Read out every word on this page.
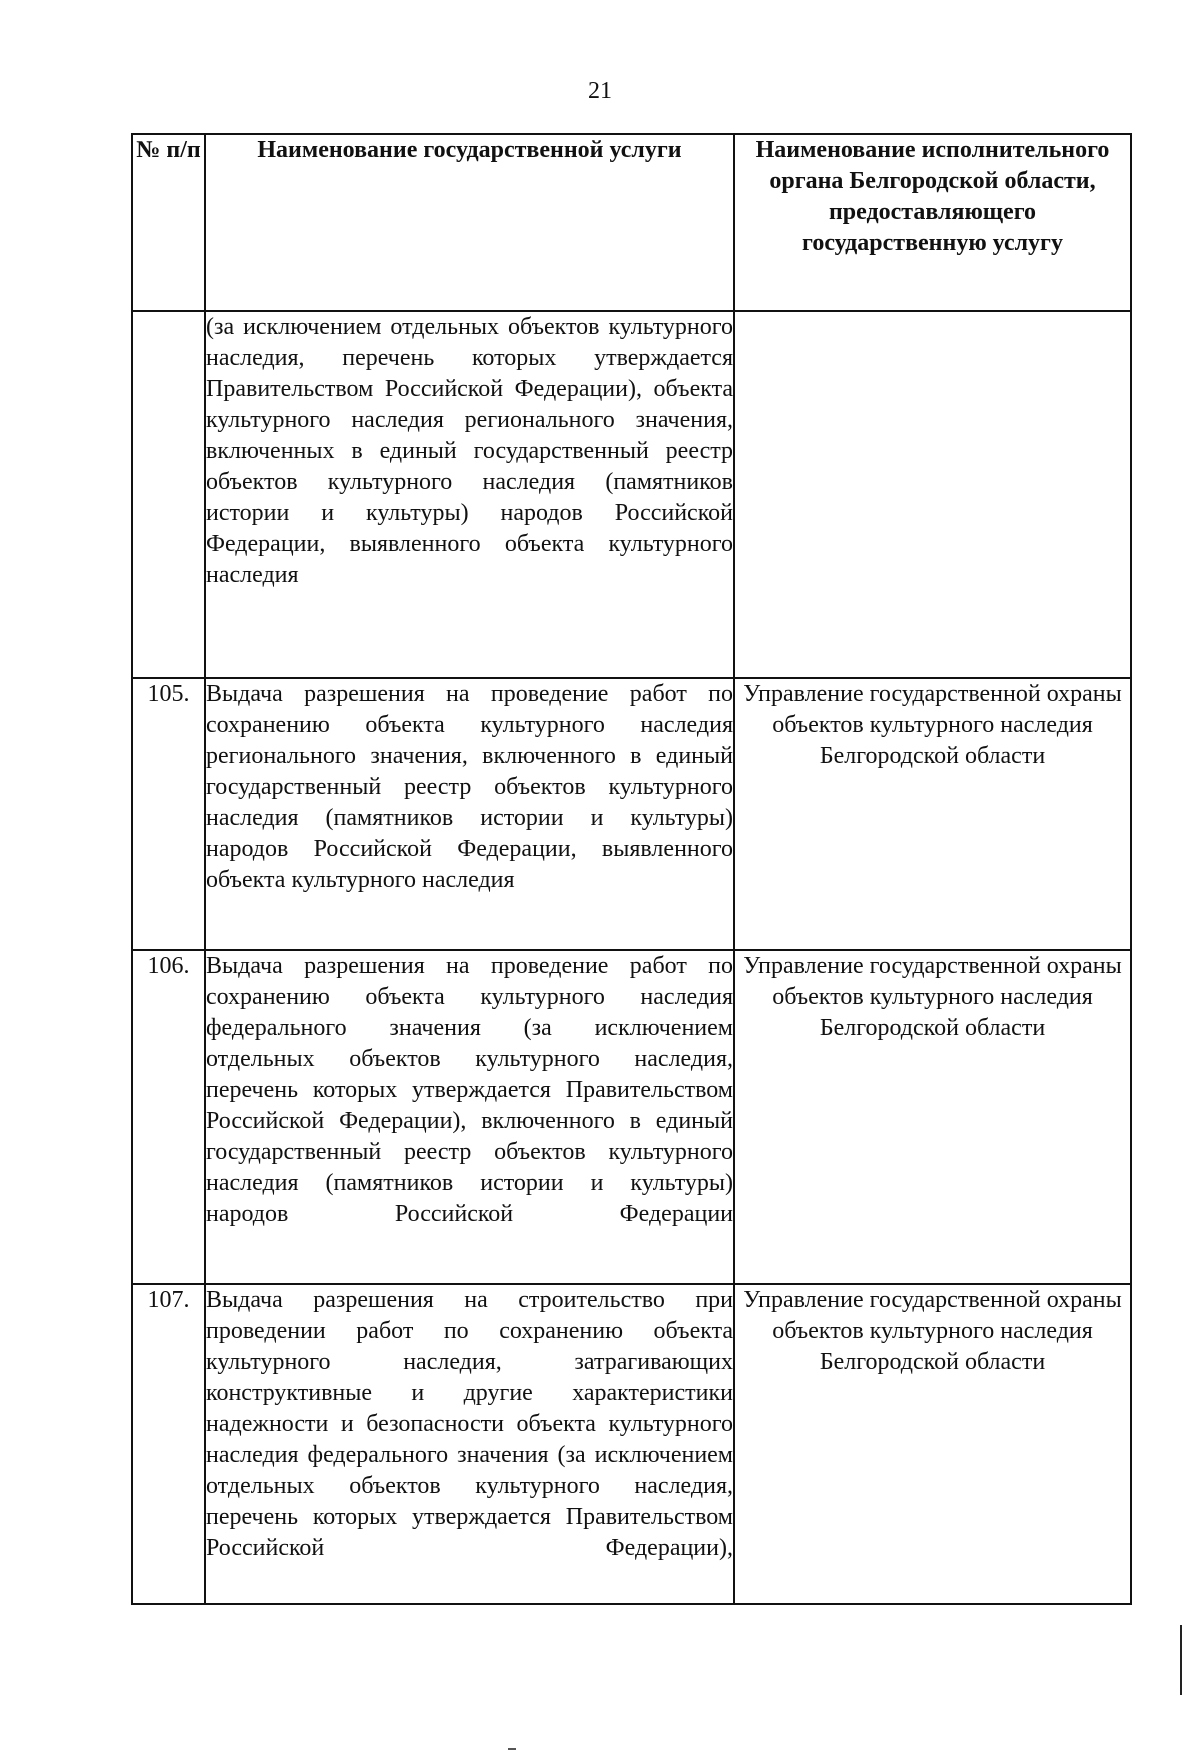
21
№ п/п	Наименование государственной услуги	Наименование исполнительного органа Белгородской области, предоставляющего государственную услугу
	(за исключением отдельных объектов культурного наследия, перечень которых утверждается Правительством Российской Федерации), объекта культурного наследия регионального значения, включенных в единый государственный реестр объектов культурного наследия (памятников истории и культуры) народов Российской Федерации, выявленного объекта культурного наследия	
105.	Выдача разрешения на проведение работ по сохранению объекта культурного наследия регионального значения, включенного в единый государственный реестр объектов культурного наследия (памятников истории и культуры) народов Российской Федерации, выявленного объекта культурного наследия	Управление государственной охраны объектов культурного наследия Белгородской области
106.	Выдача разрешения на проведение работ по сохранению объекта культурного наследия федерального значения (за исключением отдельных объектов культурного наследия, перечень которых утверждается Правительством Российской Федерации), включенного в единый государственный реестр объектов культурного наследия (памятников истории и культуры) народов Российской Федерации	Управление государственной охраны объектов культурного наследия Белгородской области
107.	Выдача разрешения на строительство при проведении работ по сохранению объекта культурного наследия, затрагивающих конструктивные и другие характеристики надежности и безопасности объекта культурного наследия федерального значения (за исключением отдельных объектов культурного наследия, перечень которых утверждается Правительством Российской Федерации),	Управление государственной охраны объектов культурного наследия Белгородской области
